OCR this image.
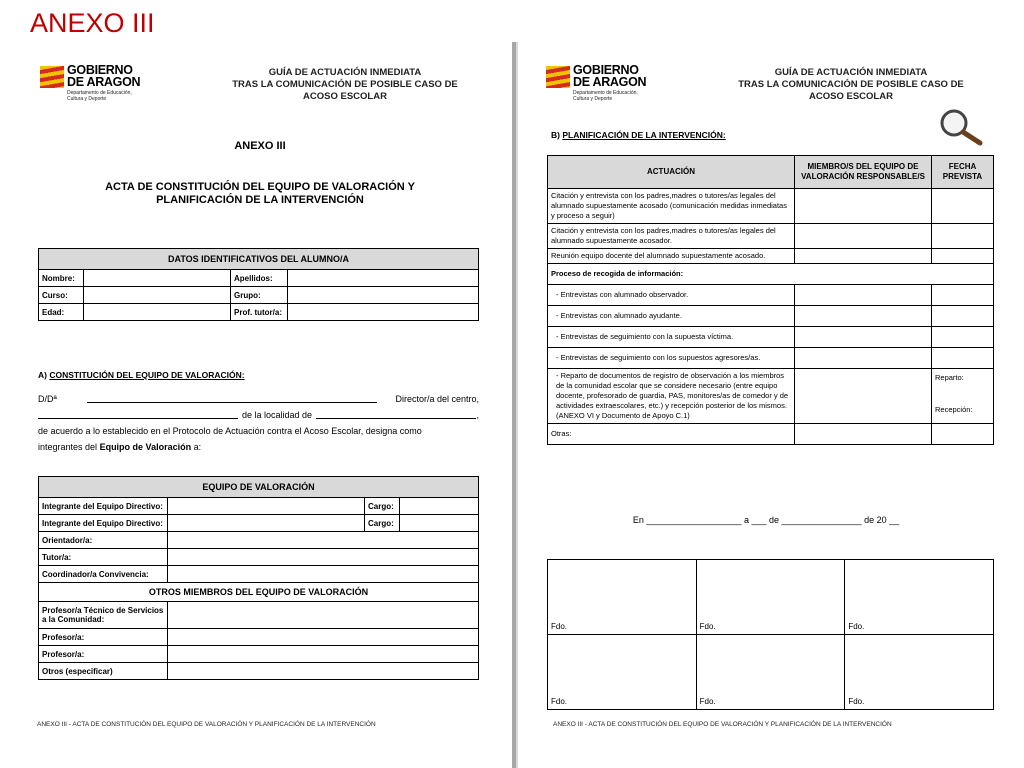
ANEXO III
GOBIERNO
DE ARAGON
Departamento de Educación,
Cultura y Deporte
GUÍA DE ACTUACIÓN INMEDIATA
TRAS LA COMUNICACIÓN DE POSIBLE CASO DE
ACOSO ESCOLAR
ANEXO III
ACTA DE CONSTITUCIÓN DEL EQUIPO DE VALORACIÓN Y
PLANIFICACIÓN DE LA INTERVENCIÓN
DATOS IDENTIFICATIVOS DEL ALUMNO/A			
Nombre:		Apellidos:	
Curso:		Grupo:	
Edad:		Prof. tutor/a:	
A) CONSTITUCIÓN DEL EQUIPO DE VALORACIÓN:
D/Dª	Director/a del centro,
de la localidad de	,
de acuerdo a lo establecido en el Protocolo de Actuación contra el Acoso Escolar, designa como
integrantes del Equipo de Valoración a:
EQUIPO DE VALORACIÓN			
Integrante del Equipo Directivo:		Cargo:	
Integrante del Equipo Directivo:		Cargo:	
Orientador/a:			
Tutor/a:			
Coordinador/a Convivencia:			
OTROS MIEMBROS DEL EQUIPO DE VALORACIÓN			

Profesor/a Técnico de Servicios
a la Comunidad:			

Profesor/a:			
Profesor/a:			
Otros (especificar)			
ANEXO III - ACTA DE CONSTITUCIÓN DEL EQUIPO DE VALORACIÓN Y PLANIFICACIÓN DE LA INTERVENCIÓN
GOBIERNO
DE ARAGON
Departamento de Educación,
Cultura y Deporte
GUÍA DE ACTUACIÓN INMEDIATA
TRAS LA COMUNICACIÓN DE POSIBLE CASO DE
ACOSO ESCOLAR
B) PLANIFICACIÓN DE LA INTERVENCIÓN:
ACTUACIÓN	MIEMBRO/S DEL EQUIPO DE VALORACIÓN RESPONSABLE/S	FECHA PREVISTA
Citación y entrevista con los padres,madres o tutores/as legales del alumnado supuestamente acosado (comunicación medidas inmediatas y proceso a seguir)		
Citación y entrevista con los padres,madres o tutores/as legales del alumnado supuestamente acosador.		
Reunión equipo docente del alumnado supuestamente acosado.		
Proceso de recogida de información:		
- Entrevistas con alumnado observador.		
- Entrevistas con alumnado ayudante.		
- Entrevistas de seguimiento con la supuesta víctima.		
- Entrevistas de seguimiento con los supuestos agresores/as.		
- Reparto de documentos de registro de observación a los miembros de la comunidad escolar que se considere necesario (entre equipo docente, profesorado de guardia, PAS, monitores/as de comedor y de actividades extraescolares, etc.) y recepción posterior de los mismos. (ANEXO VI y Documento de Apoyo C.1)		Reparto:
Recepción:

Otras:		
En ___________________ a ___ de ________________ de 20 __
Fdo.	Fdo.	Fdo.
Fdo.	Fdo.	Fdo.
ANEXO III - ACTA DE CONSTITUCIÓN DEL EQUIPO DE VALORACIÓN Y PLANIFICACIÓN DE LA INTERVENCIÓN
